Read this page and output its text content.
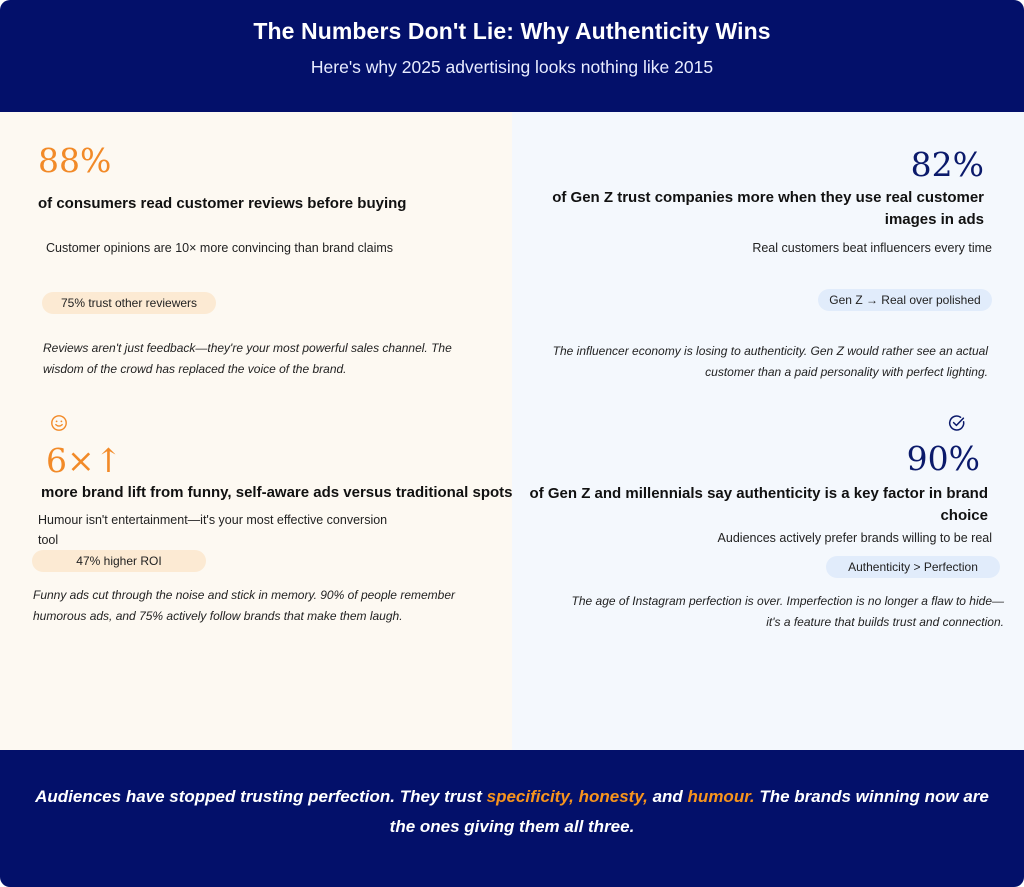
The Numbers Don't Lie: Why Authenticity Wins
Here's why 2025 advertising looks nothing like 2015
88%
of consumers read customer reviews before buying
Customer opinions are 10× more convincing than brand claims
75% trust other reviewers
Reviews aren't just feedback—they're your most powerful sales channel. The
wisdom of the crowd has replaced the voice of the brand.
82%
of Gen Z trust companies more when they use real customer
images in ads
Real customers beat influencers every time
Gen Z → Real over polished
The influencer economy is losing to authenticity. Gen Z would rather see an actual
customer than a paid personality with perfect lighting.
6×↑
more brand lift from funny, self-aware ads versus traditional spots
Humour isn't entertainment—it's your most effective conversion
tool
47% higher ROI
Funny ads cut through the noise and stick in memory. 90% of people remember
humorous ads, and 75% actively follow brands that make them laugh.
90%
of Gen Z and millennials say authenticity is a key factor in brand
choice
Audiences actively prefer brands willing to be real
Authenticity > Perfection
The age of Instagram perfection is over. Imperfection is no longer a flaw to hide—
it's a feature that builds trust and connection.
Audiences have stopped trusting perfection. They trust specificity, honesty, and humour. The brands winning now are the ones giving them all three.
